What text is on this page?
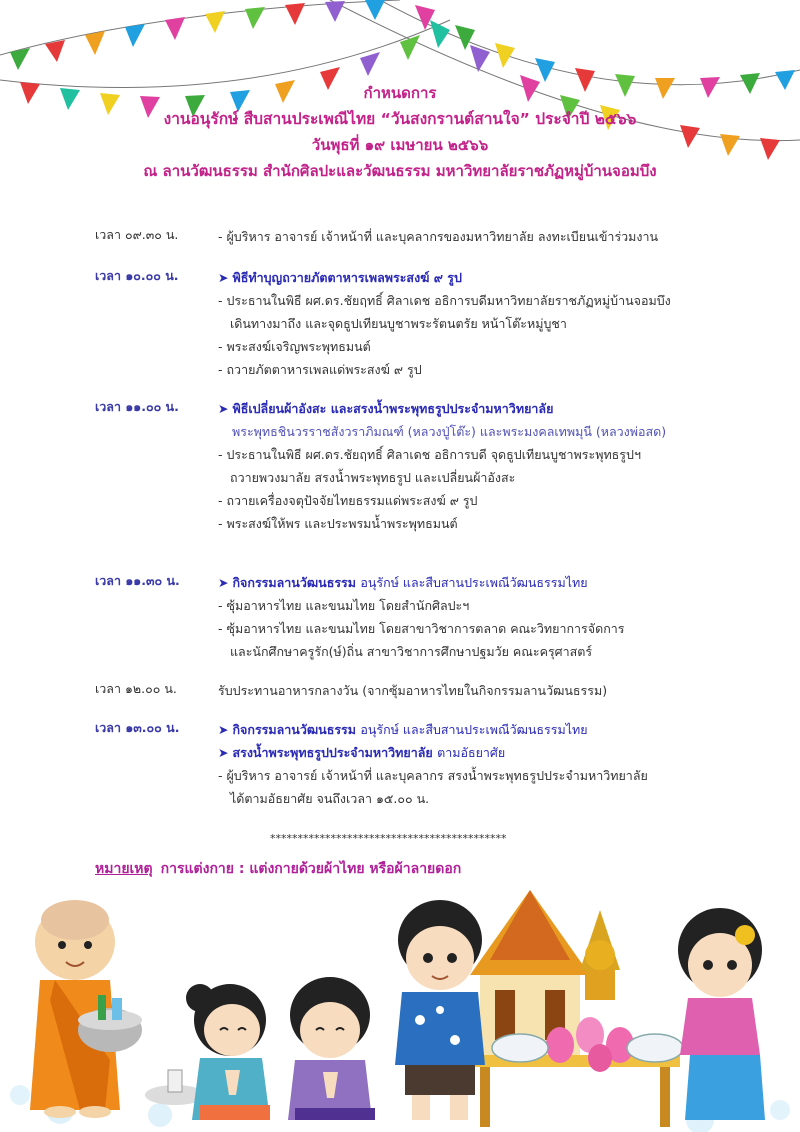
กำหนดการ
งานอนุรักษ์ สืบสานประเพณีไทย “วันสงกรานต์สานใจ” ประจำปี ๒๕๖๖
วันพุธที่ ๑๙ เมษายน ๒๕๖๖
ณ ลานวัฒนธรรม สำนักศิลปะและวัฒนธรรม มหาวิทยาลัยราชภัฏหมู่บ้านจอมบึง
เวลา ๐๙.๓๐ น.	- ผู้บริหาร อาจารย์ เจ้าหน้าที่ และบุคลากรของมหาวิทยาลัย ลงทะเบียนเข้าร่วมงาน
เวลา ๑๐.๐๐ น.	➤ พิธีทำบุญถวายภัตตาหารเพลพระสงฆ์ ๙ รูป
- ประธานในพิธี ผศ.ดร.ชัยฤทธิ์ ศิลาเดช อธิการบดีมหาวิทยาลัยราชภัฏหมู่บ้านจอมบึง
เดินทางมาถึง และจุดธูปเทียนบูชาพระรัตนตรัย หน้าโต๊ะหมู่บูชา
- พระสงฆ์เจริญพระพุทธมนต์
- ถวายภัตตาหารเพลแด่พระสงฆ์ ๙ รูป
เวลา ๑๑.๐๐ น.	➤ พิธีเปลี่ยนผ้าอังสะ และสรงน้ำพระพุทธรูปประจำมหาวิทยาลัย
พระพุทธชินวรราชสังวราภิมณฑ์ (หลวงปู่โต๊ะ) และพระมงคลเทพมุนี (หลวงพ่อสด)
- ประธานในพิธี ผศ.ดร.ชัยฤทธิ์ ศิลาเดช อธิการบดี จุดธูปเทียนบูชาพระพุทธรูปฯ
ถวายพวงมาลัย สรงน้ำพระพุทธรูป และเปลี่ยนผ้าอังสะ
- ถวายเครื่องจตุปัจจัยไทยธรรมแด่พระสงฆ์ ๙ รูป
- พระสงฆ์ให้พร และประพรมน้ำพระพุทธมนต์
เวลา ๑๑.๓๐ น.	➤ กิจกรรมลานวัฒนธรรม อนุรักษ์ และสืบสานประเพณีวัฒนธรรมไทย
- ซุ้มอาหารไทย และขนมไทย โดยสำนักศิลปะฯ
- ซุ้มอาหารไทย และขนมไทย โดยสาขาวิชาการตลาด คณะวิทยาการจัดการ
และนักศึกษาครูรัก(ษ์)ถิ่น สาขาวิชาการศึกษาปฐมวัย คณะครุศาสตร์
เวลา ๑๒.๐๐ น.	รับประทานอาหารกลางวัน (จากซุ้มอาหารไทยในกิจกรรมลานวัฒนธรรม)
เวลา ๑๓.๐๐ น.	➤ กิจกรรมลานวัฒนธรรม อนุรักษ์ และสืบสานประเพณีวัฒนธรรมไทย
➤ สรงน้ำพระพุทธรูปประจำมหาวิทยาลัย ตามอัธยาศัย
- ผู้บริหาร อาจารย์ เจ้าหน้าที่ และบุคลากร สรงน้ำพระพุทธรูปประจำมหาวิทยาลัย
ได้ตามอัธยาศัย จนถึงเวลา ๑๕.๐๐ น.
*******************************************
หมายเหตุ การแต่งกาย : แต่งกายด้วยผ้าไทย หรือผ้าลายดอก
